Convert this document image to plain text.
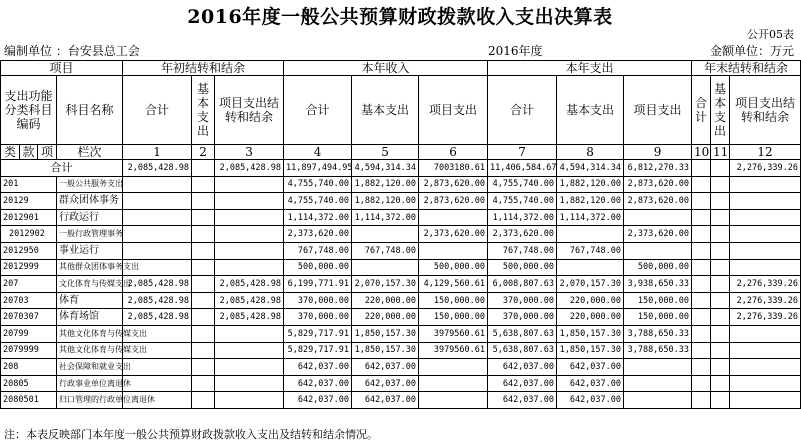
2016年度一般公共预算财政拨款收入支出决算表
公开05表
编制单位 ：台安县总工会	2016年度	金额单位：万元
项目				年初结转和结余			本年收入			本年支出			年末结转和结余		
支出功能分类科目编码			科目名称	合计	基本支出	项目支出结转和结余	合计	基本支出	项目支出	合计	基本支出	项目支出	合计	基本支出	项目支出结转和结余
类	款	项	栏次	1	2	3	4	5	6	7	8	9	10	11	12
合计				2,085,428.98		2,085,428.98	11,897,494.95	4,594,314.34	7003180.61	11,406,584.67	4,594,314.34	6,812,270.33			2,276,339.26
201			一般公共服务支出				4,755,740.00	1,882,120.00	2,873,620.00	4,755,740.00	1,882,120.00	2,873,620.00			
20129			群众团体事务				4,755,740.00	1,882,120.00	2,873,620.00	4,755,740.00	1,882,120.00	2,873,620.00			
2012901			行政运行				1,114,372.00	1,114,372.00		1,114,372.00	1,114,372.00				
2012902			一般行政管理事务				2,373,620.00		2,373,620.00	2,373,620.00		2,373,620.00			
2012950			事业运行				767,748.00	767,748.00		767,748.00	767,748.00				
2012999			其他群众团体事务支出				500,000.00		500,000.00	500,000.00		500,000.00			
207			文化体育与传媒支出	2,085,428.98		2,085,428.98	6,199,771.91	2,070,157.30	4,129,560.61	6,008,807.63	2,070,157.30	3,938,650.33			2,276,339.26
20703			体育	2,085,428.98		2,085,428.98	370,000.00	220,000.00	150,000.00	370,000.00	220,000.00	150,000.00			2,276,339.26
2070307			体育场馆	2,085,428.98		2,085,428.98	370,000.00	220,000.00	150,000.00	370,000.00	220,000.00	150,000.00			2,276,339.26
20799			其他文化体育与传媒支出				5,829,717.91	1,850,157.30	3979560.61	5,638,807.63	1,850,157.30	3,788,650.33			
2079999			其他文化体育与传媒支出				5,829,717.91	1,850,157.30	3979560.61	5,638,807.63	1,850,157.30	3,788,650.33			
208			社会保障和就业支出				642,037.00	642,037.00		642,037.00	642,037.00				
20805			行政事业单位离退休				642,037.00	642,037.00		642,037.00	642,037.00				
2080501			归口管理的行政单位离退休				642,037.00	642,037.00		642,037.00	642,037.00				
注：本表反映部门本年度一般公共预算财政拨款收入支出及结转和结余情况。
